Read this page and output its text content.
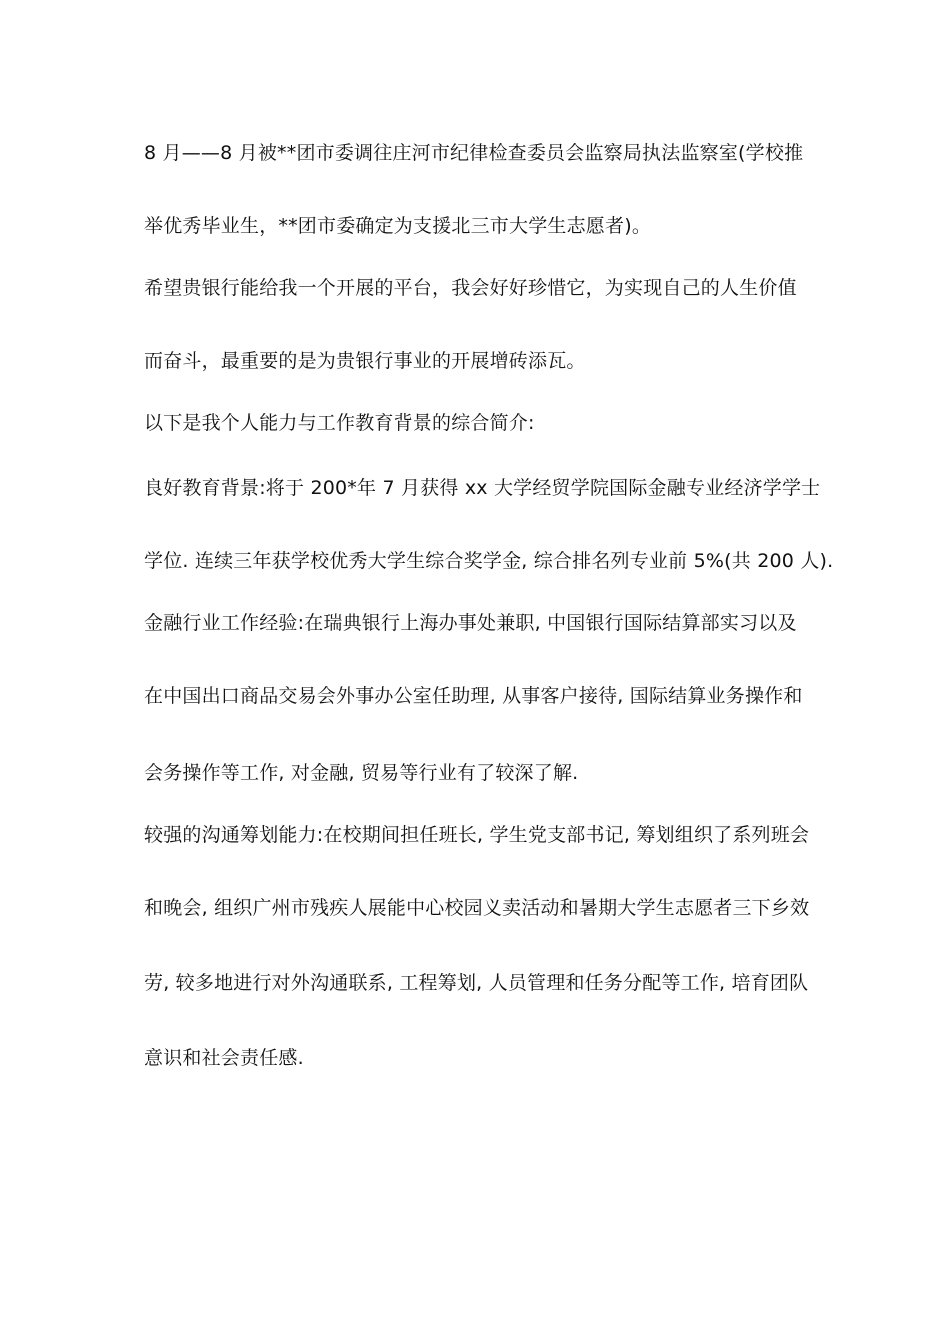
8 月——8 月被**团市委调往庄河市纪律检查委员会监察局执法监察室(学校推
举优秀毕业生，**团市委确定为支援北三市大学生志愿者)。
希望贵银行能给我一个开展的平台，我会好好珍惜它，为实现自己的人生价值
而奋斗，最重要的是为贵银行事业的开展增砖添瓦。
以下是我个人能力与工作教育背景的综合简介:
良好教育背景:将于 200*年 7 月获得 xx 大学经贸学院国际金融专业经济学学士
学位. 连续三年获学校优秀大学生综合奖学金, 综合排名列专业前 5%(共 200 人).
金融行业工作经验:在瑞典银行上海办事处兼职, 中国银行国际结算部实习以及
在中国出口商品交易会外事办公室任助理, 从事客户接待, 国际结算业务操作和
会务操作等工作, 对金融, 贸易等行业有了较深了解.
较强的沟通筹划能力:在校期间担任班长, 学生党支部书记, 筹划组织了系列班会
和晚会, 组织广州市残疾人展能中心校园义卖活动和暑期大学生志愿者三下乡效
劳, 较多地进行对外沟通联系, 工程筹划, 人员管理和任务分配等工作, 培育团队
意识和社会责任感.
